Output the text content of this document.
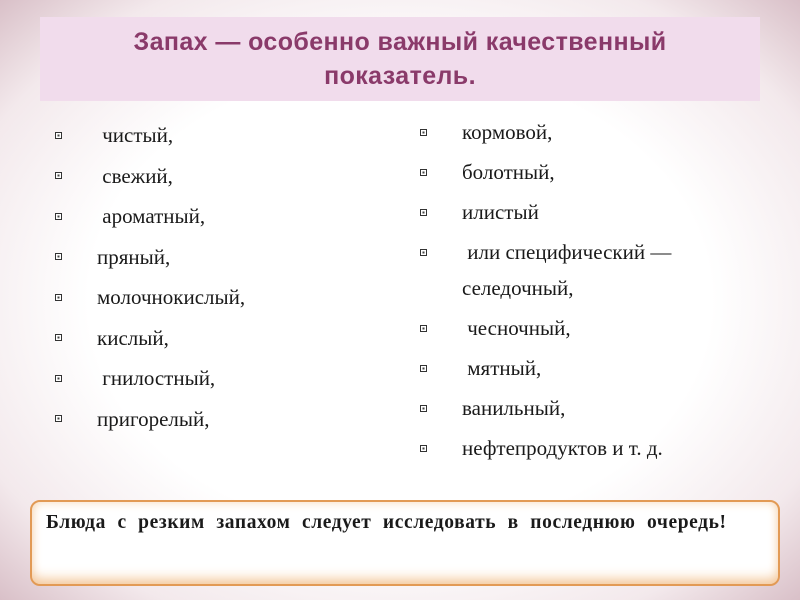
Запах — особенно важный качественный
показатель.
чистый,
свежий,
ароматный,
пряный,
молочнокислый,
кислый,
гнилостный,
пригорелый,
кормовой,
болотный,
илистый
или специфический —
селедочный,
чесночный,
мятный,
ванильный,
нефтепродуктов и т. д.
Блюда с резким запахом следует исследовать в последнюю очередь!
